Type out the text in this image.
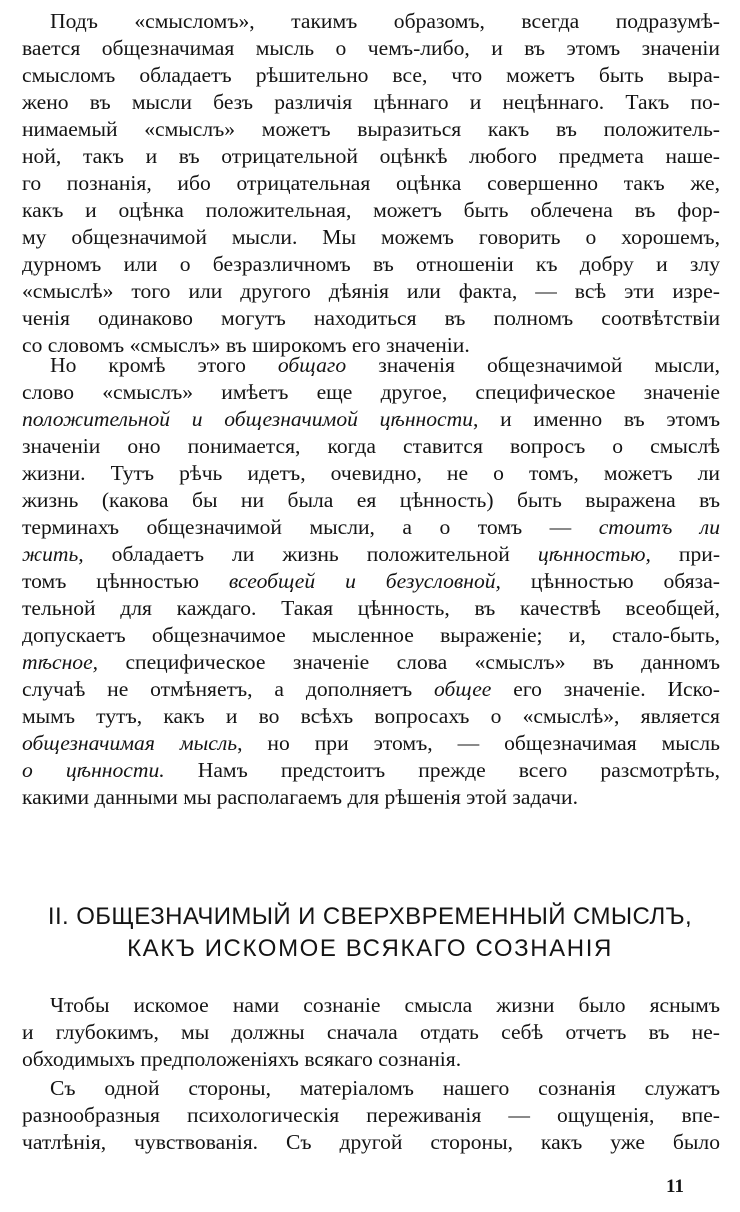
Подъ «смысломъ», такимъ образомъ, всегда подразумѣ-
вается общезначимая мысль о чемъ-либо, и въ этомъ значенiи
смысломъ обладаетъ рѣшительно все, что можетъ быть выра-
жено въ мысли безъ различiя цѣннаго и нецѣннаго. Такъ по-
нимаемый «смыслъ» можетъ выразиться какъ въ положитель-
ной, такъ и въ отрицательной оцѣнкѣ любого предмета наше-
го познанiя, ибо отрицательная оцѣнка совершенно такъ же,
какъ и оцѣнка положительная, можетъ быть облечена въ фор-
му общезначимой мысли. Мы можемъ говорить о хорошемъ,
дурномъ или о безразличномъ въ отношенiи къ добру и злу
«смыслѣ» того или другого дѣянiя или факта, — всѣ эти изре-
ченiя одинаково могутъ находиться въ полномъ соотвѣтствiи
со словомъ «смыслъ» въ широкомъ его значенiи.
Но кромѣ этого общаго значенiя общезначимой мысли,
слово «смыслъ» имѣетъ еще другое, специфическое значенiе
положительной и общезначимой цѣнности, и именно въ этомъ
значенiи оно понимается, когда ставится вопросъ о смыслѣ
жизни. Тутъ рѣчь идетъ, очевидно, не о томъ, можетъ ли
жизнь (какова бы ни была ея цѣнность) быть выражена въ
терминахъ общезначимой мысли, а о томъ — стоитъ ли
жить, обладаетъ ли жизнь положительной цѣнностью, при-
томъ цѣнностью всеобщей и безусловной, цѣнностью обяза-
тельной для каждаго. Такая цѣнность, въ качествѣ всеобщей,
допускаетъ общезначимое мысленное выраженiе; и, стало-быть,
тѣсное, специфическое значенiе слова «смыслъ» въ данномъ
случаѣ не отмѣняетъ, а дополняетъ общее его значенiе. Иско-
мымъ тутъ, какъ и во всѣхъ вопросахъ о «смыслѣ», является
общезначимая мысль, но при этомъ, — общезначимая мысль
о цѣнности. Намъ предстоитъ прежде всего разсмотрѣть,
какими данными мы располагаемъ для рѣшенiя этой задачи.

II. ОБЩЕЗНАЧИМЫЙ И СВЕРХВРЕМЕННЫЙ СМЫСЛЪ,

КАКЪ ИСКОМОЕ ВСЯКАГО СОЗНАНIЯ

Чтобы искомое нами сознанiе смысла жизни было яснымъ
и глубокимъ, мы должны сначала отдать себѣ отчетъ въ не-
обходимыхъ предположенiяхъ всякаго сознанiя.
Съ одной стороны, матерiаломъ нашего сознанiя служатъ
разнообразныя психологическiя переживанiя — ощущенiя, впе-
чатлѣнiя, чувствованiя. Съ другой стороны, какъ уже было

11
